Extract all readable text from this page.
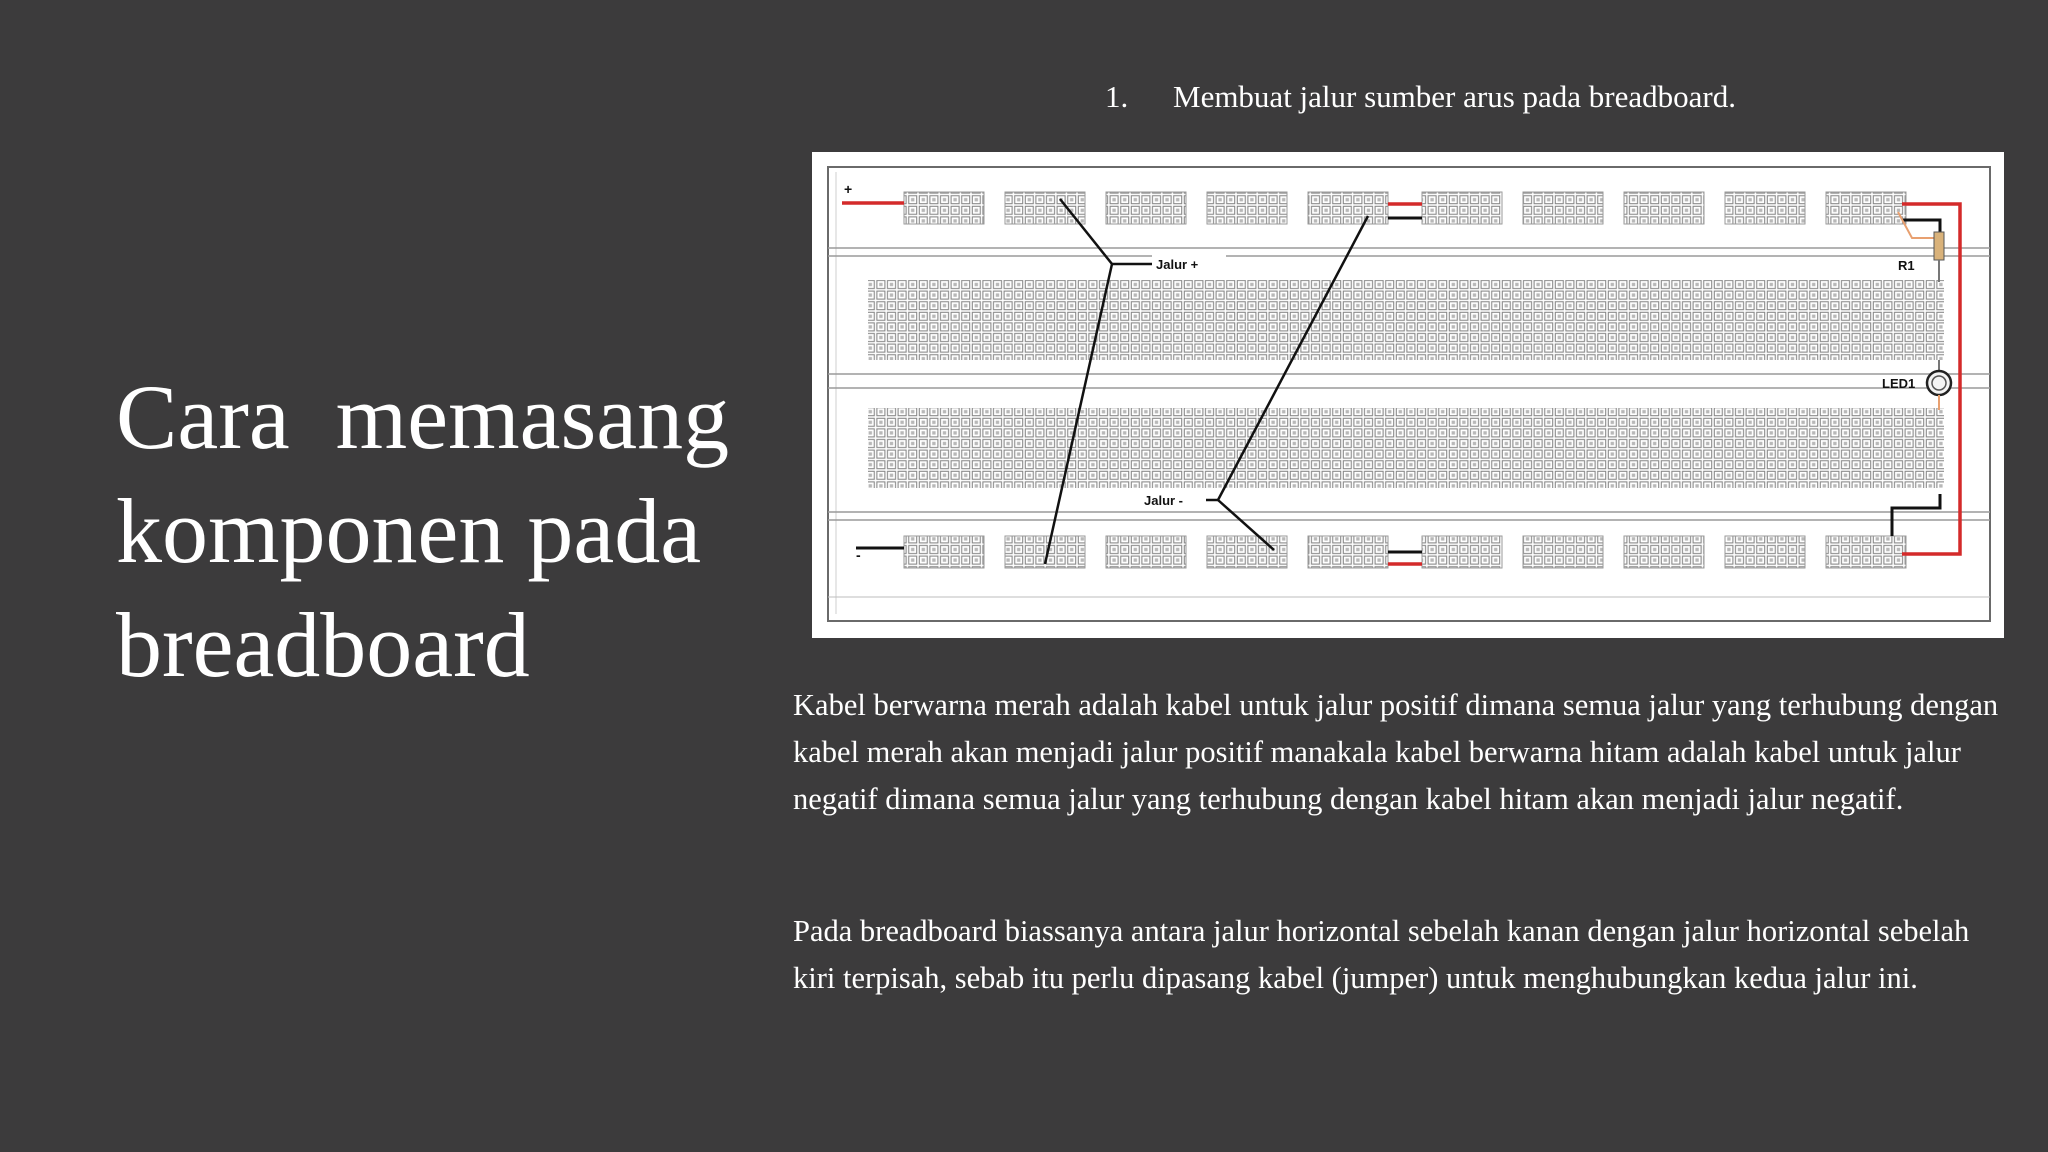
Cara  memasang
komponen pada
breadboard
1. Membuat jalur sumber arus pada breadboard.
+
-
R1
LED1
Jalur +
Jalur -

Kabel berwarna merah adalah kabel untuk jalur positif dimana semua jalur yang terhubung dengan kabel merah akan menjadi jalur positif manakala kabel berwarna hitam adalah kabel untuk jalur negatif dimana semua jalur yang terhubung dengan kabel hitam akan menjadi jalur negatif.

Pada breadboard biassanya antara jalur horizontal sebelah kanan dengan jalur horizontal sebelah kiri terpisah, sebab itu perlu dipasang kabel (jumper) untuk menghubungkan kedua jalur ini.
